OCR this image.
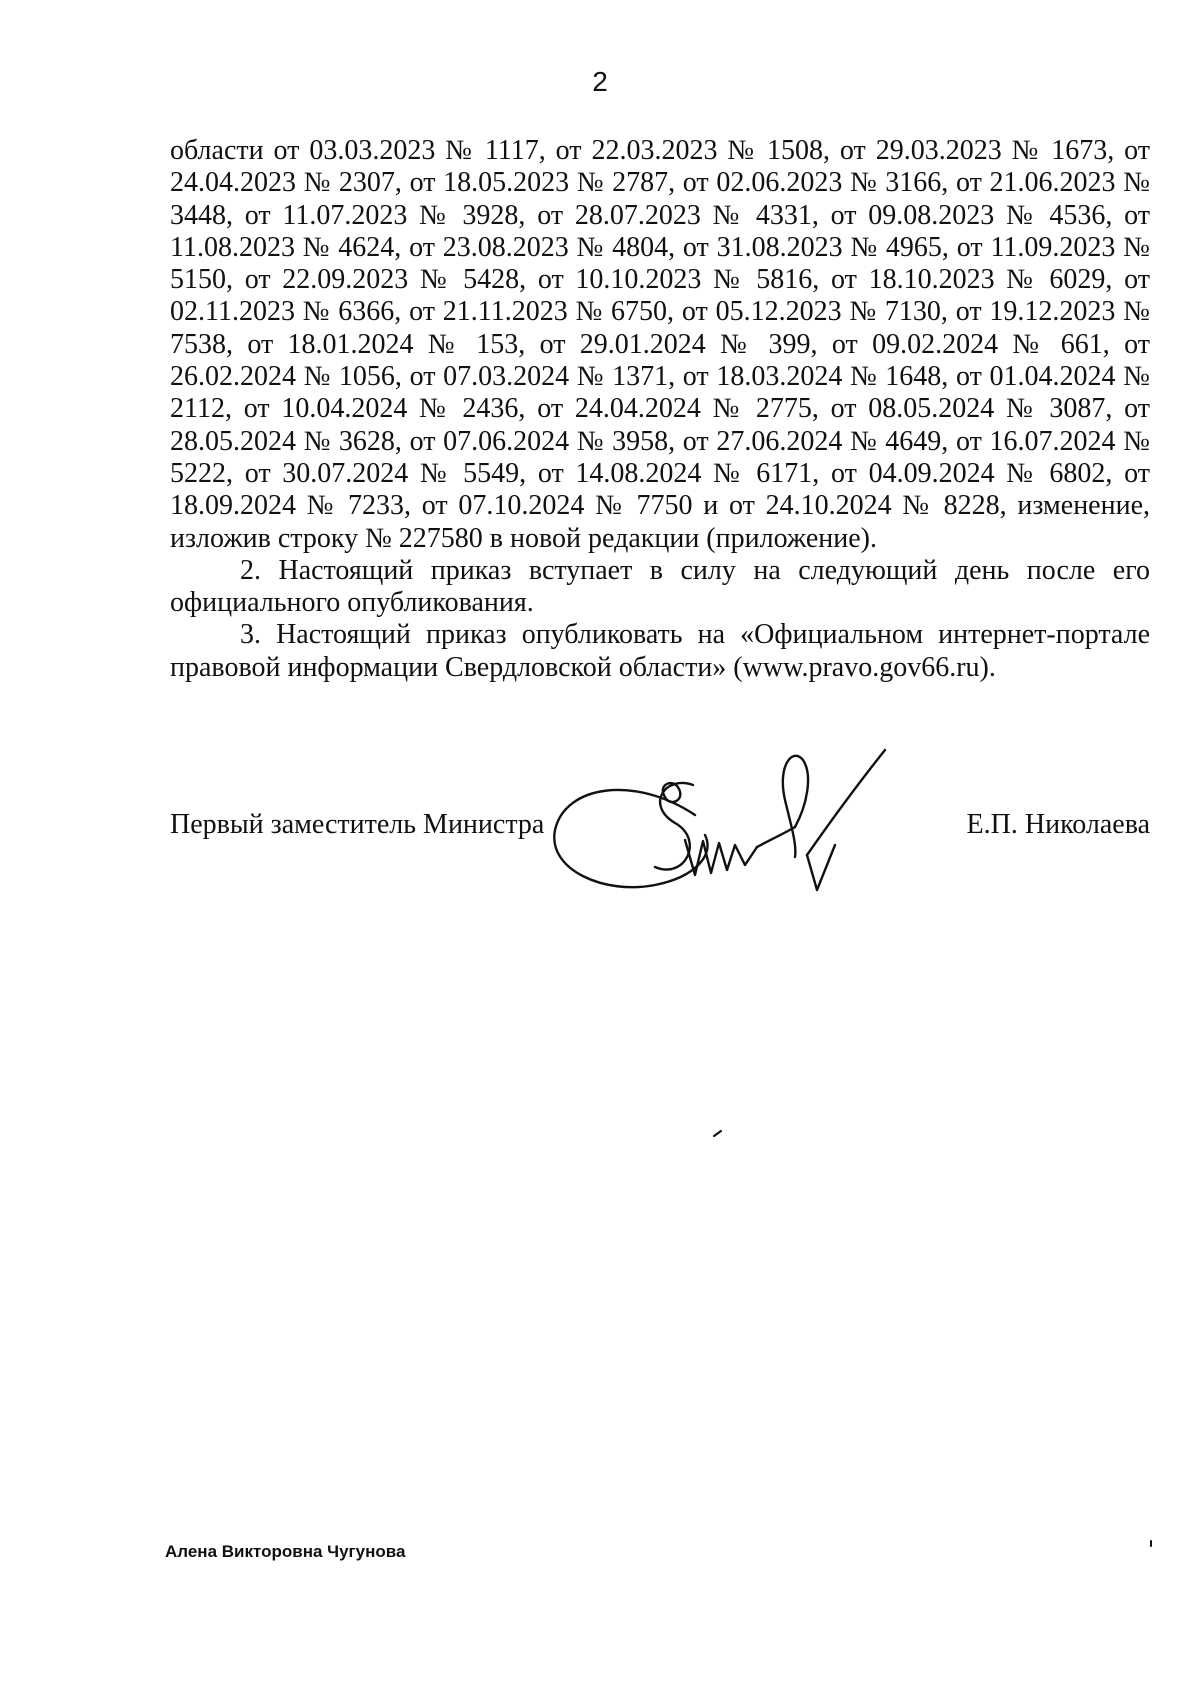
2

области от 03.03.2023 № 1117, от 22.03.2023 № 1508, от 29.03.2023 № 1673, от 24.04.2023 № 2307, от 18.05.2023 № 2787, от 02.06.2023 № 3166, от 21.06.2023 № 3448, от 11.07.2023 № 3928, от 28.07.2023 № 4331, от 09.08.2023 № 4536, от 11.08.2023 № 4624, от 23.08.2023 № 4804, от 31.08.2023 № 4965, от 11.09.2023 № 5150, от 22.09.2023 № 5428, от 10.10.2023 № 5816, от 18.10.2023 № 6029, от 02.11.2023 № 6366, от 21.11.2023 № 6750, от 05.12.2023 № 7130, от 19.12.2023 № 7538, от 18.01.2024 № 153, от 29.01.2024 № 399, от 09.02.2024 № 661, от 26.02.2024 № 1056, от 07.03.2024 № 1371, от 18.03.2024 № 1648, от 01.04.2024 № 2112, от 10.04.2024 № 2436, от 24.04.2024 № 2775, от 08.05.2024 № 3087, от 28.05.2024 № 3628, от 07.06.2024 № 3958, от 27.06.2024 № 4649, от 16.07.2024 № 5222, от 30.07.2024 № 5549, от 14.08.2024 № 6171, от 04.09.2024 № 6802, от 18.09.2024 № 7233, от 07.10.2024 № 7750 и от 24.10.2024 № 8228, изменение, изложив строку № 227580 в новой редакции (приложение).

2. Настоящий приказ вступает в силу на следующий день после его официального опубликования.

3. Настоящий приказ опубликовать на «Официальном интернет-портале правовой информации Свердловской области» (www.pravo.gov66.ru).

Первый заместитель Министра	Е.П. Николаева
Алена Викторовна Чугунова
